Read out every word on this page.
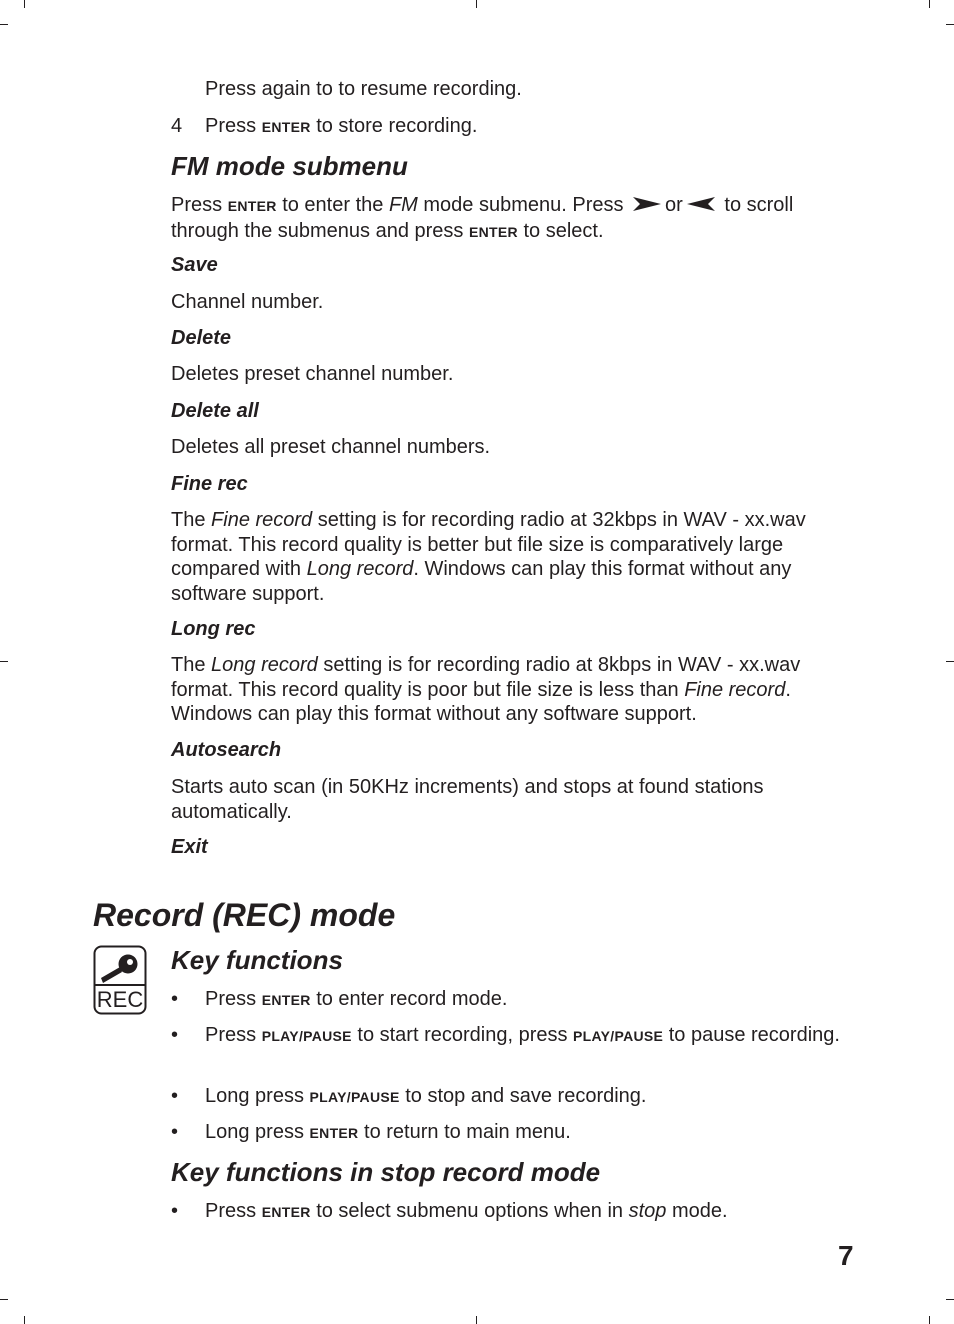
Press again to to resume recording.

4 Press ENTER to store recording.
FM mode submenu

Press ENTER to enter the FM mode submenu. Press or to scroll through the submenus and press ENTER to select.

Save

Channel number.

Delete

Deletes preset channel number.

Delete all

Deletes all preset channel numbers.

Fine rec

The Fine record setting is for recording radio at 32kbps in WAV - xx.wav format. This record quality is better but file size is comparatively large compared with Long record. Windows can play this format without any software support.

Long rec

The Long record setting is for recording radio at 8kbps in WAV - xx.wav format. This record quality is poor but file size is less than Fine record. Windows can play this format without any software support.

Autosearch

Starts auto scan (in 50KHz increments) and stops at found stations automatically.

Exit
Record (REC) mode
REC
Key functions
• Press ENTER to enter record mode.
• Press PLAY/PAUSE to start recording, press PLAY/PAUSE to pause recording.
• Long press PLAY/PAUSE to stop and save recording.
• Long press ENTER to return to main menu.
Key functions in stop record mode
• Press ENTER to select submenu options when in stop mode.
7
